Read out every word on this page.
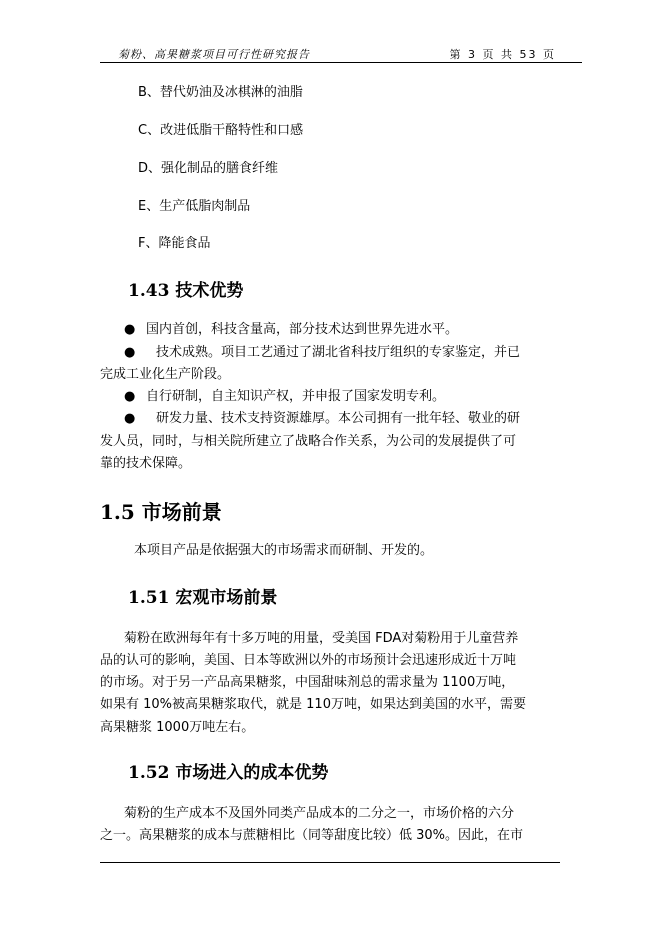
菊粉、高果糖浆项目可行性研究报告	第 3 页 共 53 页

B、替代奶油及冰棋淋的油脂

C、改进低脂干酪特性和口感

D、强化制品的膳食纤维

E、生产低脂肉制品

F、降能食品

1.43 技术优势
● 国内首创，科技含量高，部分技术达到世界先进水平。

● 技术成熟。项目工艺通过了湖北省科技厅组织的专家鉴定，并已

完成工业化生产阶段。

● 自行研制，自主知识产权，并申报了国家发明专利。

● 研发力量、技术支持资源雄厚。本公司拥有一批年轻、敬业的研

发人员，同时，与相关院所建立了战略合作关系，为公司的发展提供了可

靠的技术保障。

1.5 市场前景

本项目产品是依据强大的市场需求而研制、开发的。

1.51 宏观市场前景

菊粉在欧洲每年有十多万吨的用量，受美国 FDA对菊粉用于儿童营养

品的认可的影响，美国、日本等欧洲以外的市场预计会迅速形成近十万吨

的市场。对于另一产品高果糖浆，中国甜味剂总的需求量为 1100万吨，

如果有 10%被高果糖浆取代，就是 110万吨，如果达到美国的水平，需要

高果糖浆 1000万吨左右。

1.52 市场进入的成本优势

菊粉的生产成本不及国外同类产品成本的二分之一，市场价格的六分

之一。高果糖浆的成本与蔗糖相比（同等甜度比较）低 30%。因此，在市
